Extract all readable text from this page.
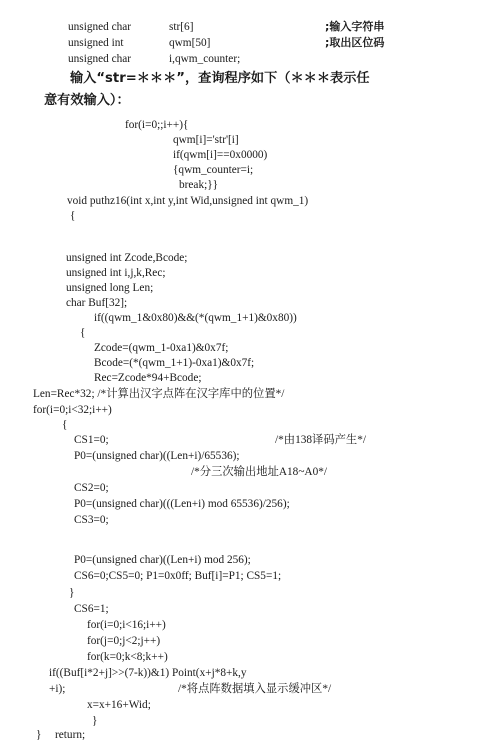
unsigned char	str[6]	;输入字符串
unsigned int	qwm[50]	;取出区位码
unsigned char	i,qwm_counter;
输入“str=＊＊＊”，查询程序如下（＊＊＊表示任
意有效输入）：
for(i=0;;i++){
qwm[i]='str'[i]
if(qwm[i]==0x0000)
{qwm_counter=i;
break;}}
void puthz16(int x,int y,int Wid,unsigned int qwm_1)
{
unsigned int Zcode,Bcode;
unsigned int i,j,k,Rec;
unsigned long Len;
char Buf[32];
if((qwm_1&0x80)&&(*(qwm_1+1)&0x80))
{
Zcode=(qwm_1-0xa1)&0x7f;
Bcode=(*(qwm_1+1)-0xa1)&0x7f;
Rec=Zcode*94+Bcode;
Len=Rec*32; /*计算出汉字点阵在汉字库中的位置*/
for(i=0;i<32;i++)
{
CS1=0;	/*由138译码产生*/
P0=(unsigned char)((Len+i)/65536);
/*分三次输出地址A18~A0*/
CS2=0;
P0=(unsigned char)(((Len+i) mod 65536)/256);
CS3=0;
P0=(unsigned char)((Len+i) mod 256);
CS6=0;CS5=0; P1=0x0ff; Buf[i]=P1; CS5=1;
}
CS6=1;
for(i=0;i<16;i++)
for(j=0;j<2;j++)
for(k=0;k<8;k++)
if((Buf[i*2+j]>>(7-k))&1) Point(x+j*8+k,y
+i);	/*将点阵数据填入显示缓冲区*/
x=x+16+Wid;
}
return;
}
